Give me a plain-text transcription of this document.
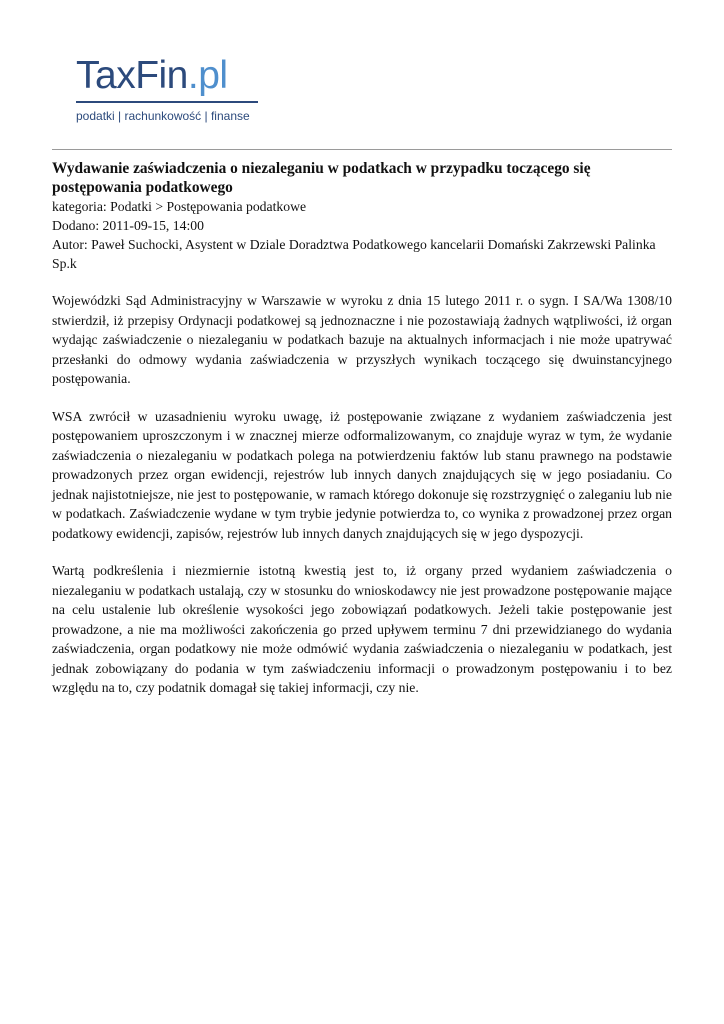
TaxFin.pl
podatki | rachunkowość | finanse
Wydawanie zaświadczenia o niezaleganiu w podatkach w przypadku toczącego się postępowania podatkowego
kategoria: Podatki > Postępowania podatkowe
Dodano: 2011-09-15, 14:00
Autor: Paweł Suchocki, Asystent w Dziale Doradztwa Podatkowego kancelarii Domański Zakrzewski Palinka Sp.k

Wojewódzki Sąd Administracyjny w Warszawie w wyroku z dnia 15 lutego 2011 r. o sygn. I SA/Wa 1308/10 stwierdził, iż przepisy Ordynacji podatkowej są jednoznaczne i nie pozostawiają żadnych wątpliwości, iż organ wydając zaświadczenie o niezaleganiu w podatkach bazuje na aktualnych informacjach i nie może upatrywać przesłanki do odmowy wydania zaświadczenia w przyszłych wynikach toczącego się dwuinstancyjnego postępowania.

WSA zwrócił w uzasadnieniu wyroku uwagę, iż postępowanie związane z wydaniem zaświadczenia jest postępowaniem uproszczonym i w znacznej mierze odformalizowanym, co znajduje wyraz w tym, że wydanie zaświadczenia o niezaleganiu w podatkach polega na potwierdzeniu faktów lub stanu prawnego na podstawie prowadzonych przez organ ewidencji, rejestrów lub innych danych znajdujących się w jego posiadaniu. Co jednak najistotniejsze, nie jest to postępowanie, w ramach którego dokonuje się rozstrzygnięć o zaleganiu lub nie w podatkach. Zaświadczenie wydane w tym trybie jedynie potwierdza to, co wynika z prowadzonej przez organ podatkowy ewidencji, zapisów, rejestrów lub innych danych znajdujących się w jego dyspozycji.

Wartą podkreślenia i niezmiernie istotną kwestią jest to, iż organy przed wydaniem zaświadczenia o niezaleganiu w podatkach ustalają, czy w stosunku do wnioskodawcy nie jest prowadzone postępowanie mające na celu ustalenie lub określenie wysokości jego zobowiązań podatkowych. Jeżeli takie postępowanie jest prowadzone, a nie ma możliwości zakończenia go przed upływem terminu 7 dni przewidzianego do wydania zaświadczenia, organ podatkowy nie może odmówić wydania zaświadczenia o niezaleganiu w podatkach, jest jednak zobowiązany do podania w tym zaświadczeniu informacji o prowadzonym postępowaniu i to bez względu na to, czy podatnik domagał się takiej informacji, czy nie.
